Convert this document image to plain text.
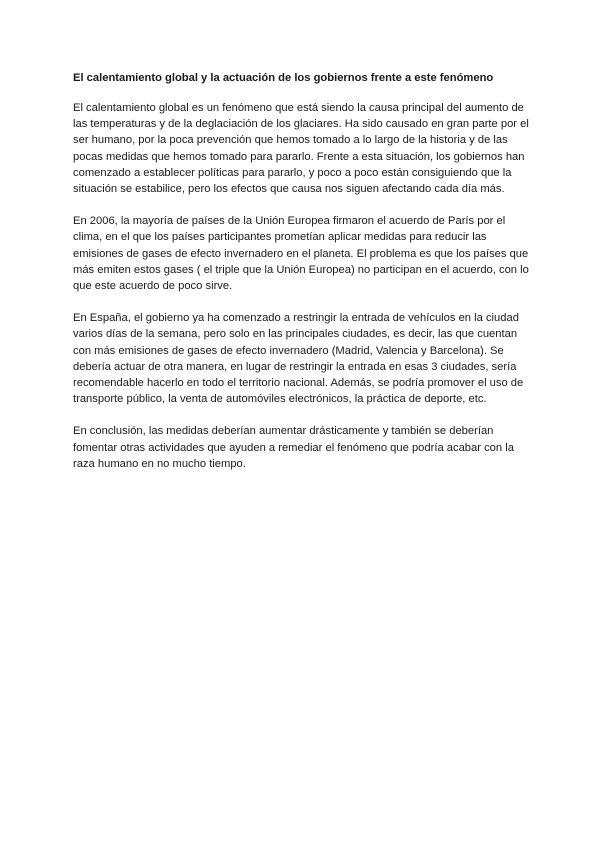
El calentamiento global y la actuación de los gobiernos frente a este fenómeno

El calentamiento global es un fenómeno que está siendo la causa principal del aumento de las temperaturas y de la deglaciación de los glaciares. Ha sido causado en gran parte por el ser humano, por la poca prevención que hemos tomado a lo largo de la historia y de las pocas medidas que hemos tomado para pararlo. Frente a esta situación, los gobiernos han comenzado a establecer políticas para pararlo, y poco a poco están consiguiendo que la situación se estabilice, pero los efectos que causa nos siguen afectando cada día más.

En 2006, la mayoría de países de la Unión Europea firmaron el acuerdo de París por el clima, en el que los países participantes prometían aplicar medidas para reducir las emisiones de gases de efecto invernadero en el planeta. El problema es que los países que más emiten estos gases ( el triple que la Unión Europea) no participan en el acuerdo, con lo que este acuerdo de poco sirve.

En España, el gobierno ya ha comenzado a restringir la entrada de vehículos en la ciudad varios días de la semana, pero solo en las principales ciudades, es decir, las que cuentan con más emisiones de gases de efecto invernadero (Madrid, Valencia y Barcelona). Se debería actuar de otra manera, en lugar de restringir la entrada en esas 3 ciudades, sería recomendable hacerlo en todo el territorio nacional. Además, se podría promover el uso de transporte público, la venta de automóviles electrónicos, la práctica de deporte, etc.

En conclusión, las medidas deberían aumentar drásticamente y también se deberían fomentar otras actividades que ayuden a remediar el fenómeno que podría acabar con la raza humano en no mucho tiempo.
